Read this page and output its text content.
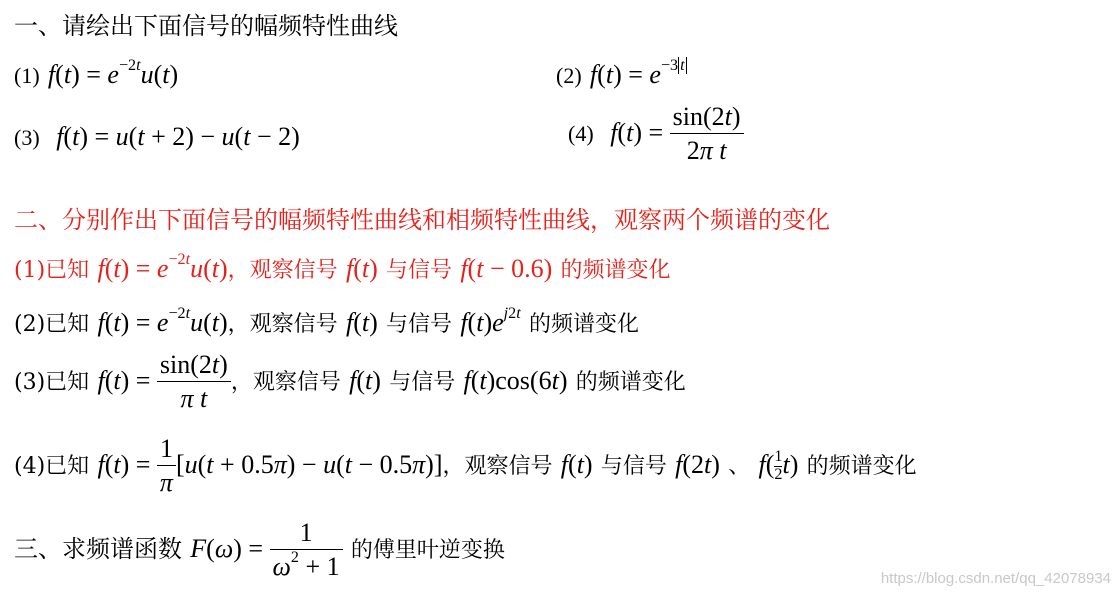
一、请绘出下面信号的幅频特性曲线
(1) $f(t) = e^{-2t}u(t)$	(2) $f(t) = e^{-3 t}$
(3) f(t) = u(t + 2) − u(t − 2)	(4) $f(t) = \frac{\sin(2t)}{\text{2π t}}$
二、分别作出下面信号的幅频特性曲线和相频特性曲线，观察两个频谱的变化
(1)已知 $f(t) = e^{-2t}u(t)$，观察信号 f(t) 与信号 f(t − 0.6) 的频谱变化
(2)已知 $f(t) = e^{-2t}u(t)$，观察信号 f(t) 与信号 $f(t)e^{j2t}$ 的频谱变化
(3)已知 $f(t) = \frac{\sin(2t)}{\text{π t}}$ ，观察信号 f(t) 与信号 f(t)cos(6t) 的频谱变化
(4)已知 $f(t) = \frac{1}{\pi} [u(t + 0.5\pi) - u(t - 0.5\pi)]$，观察信号 f(t) 与信号 f(2t) 、 $f( \frac{1}{2} t)$ 的频谱变化
三、求频谱函数 $F(\omega) = \frac{1}{\omega^2 + 1}$ 的傅里叶逆变换
https://blog.csdn.net/qq_42078934
